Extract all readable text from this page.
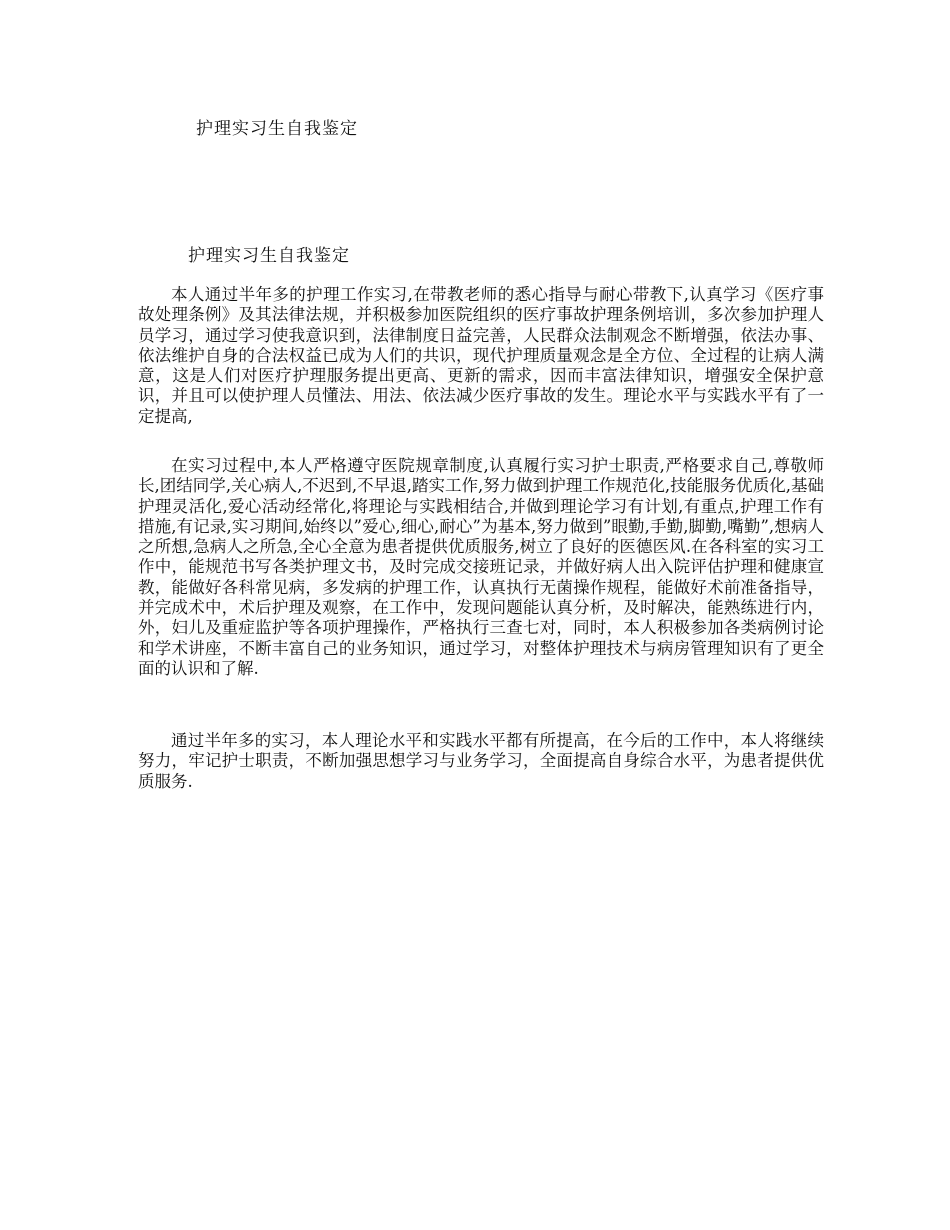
护理实习生自我鉴定
护理实习生自我鉴定

本人通过半年多的护理工作实习,在带教老师的悉心指导与耐心带教下,认真学习《医疗事故处理条例》及其法律法规，并积极参加医院组织的医疗事故护理条例培训，多次参加护理人员学习，通过学习使我意识到，法律制度日益完善，人民群众法制观念不断增强，依法办事、依法维护自身的合法权益已成为人们的共识，现代护理质量观念是全方位、全过程的让病人满意，这是人们对医疗护理服务提出更高、更新的需求，因而丰富法律知识，增强安全保护意识，并且可以使护理人员懂法、用法、依法减少医疗事故的发生。理论水平与实践水平有了一定提高,

在实习过程中,本人严格遵守医院规章制度,认真履行实习护士职责,严格要求自己,尊敬师长,团结同学,关心病人,不迟到,不早退,踏实工作,努力做到护理工作规范化,技能服务优质化,基础护理灵活化,爱心活动经常化,将理论与实践相结合,并做到理论学习有计划,有重点,护理工作有措施,有记录,实习期间,始终以”爱心,细心,耐心”为基本,努力做到”眼勤,手勤,脚勤,嘴勤”,想病人之所想,急病人之所急,全心全意为患者提供优质服务,树立了良好的医德医风.在各科室的实习工作中，能规范书写各类护理文书，及时完成交接班记录，并做好病人出入院评估护理和健康宣教，能做好各科常见病，多发病的护理工作，认真执行无菌操作规程，能做好术前准备指导，并完成术中，术后护理及观察，在工作中，发现问题能认真分析，及时解决，能熟练进行内，外，妇儿及重症监护等各项护理操作，严格执行三查七对，同时，本人积极参加各类病例讨论和学术讲座，不断丰富自己的业务知识，通过学习，对整体护理技术与病房管理知识有了更全面的认识和了解.

通过半年多的实习，本人理论水平和实践水平都有所提高，在今后的工作中，本人将继续努力，牢记护士职责，不断加强思想学习与业务学习，全面提高自身综合水平，为患者提供优质服务.
